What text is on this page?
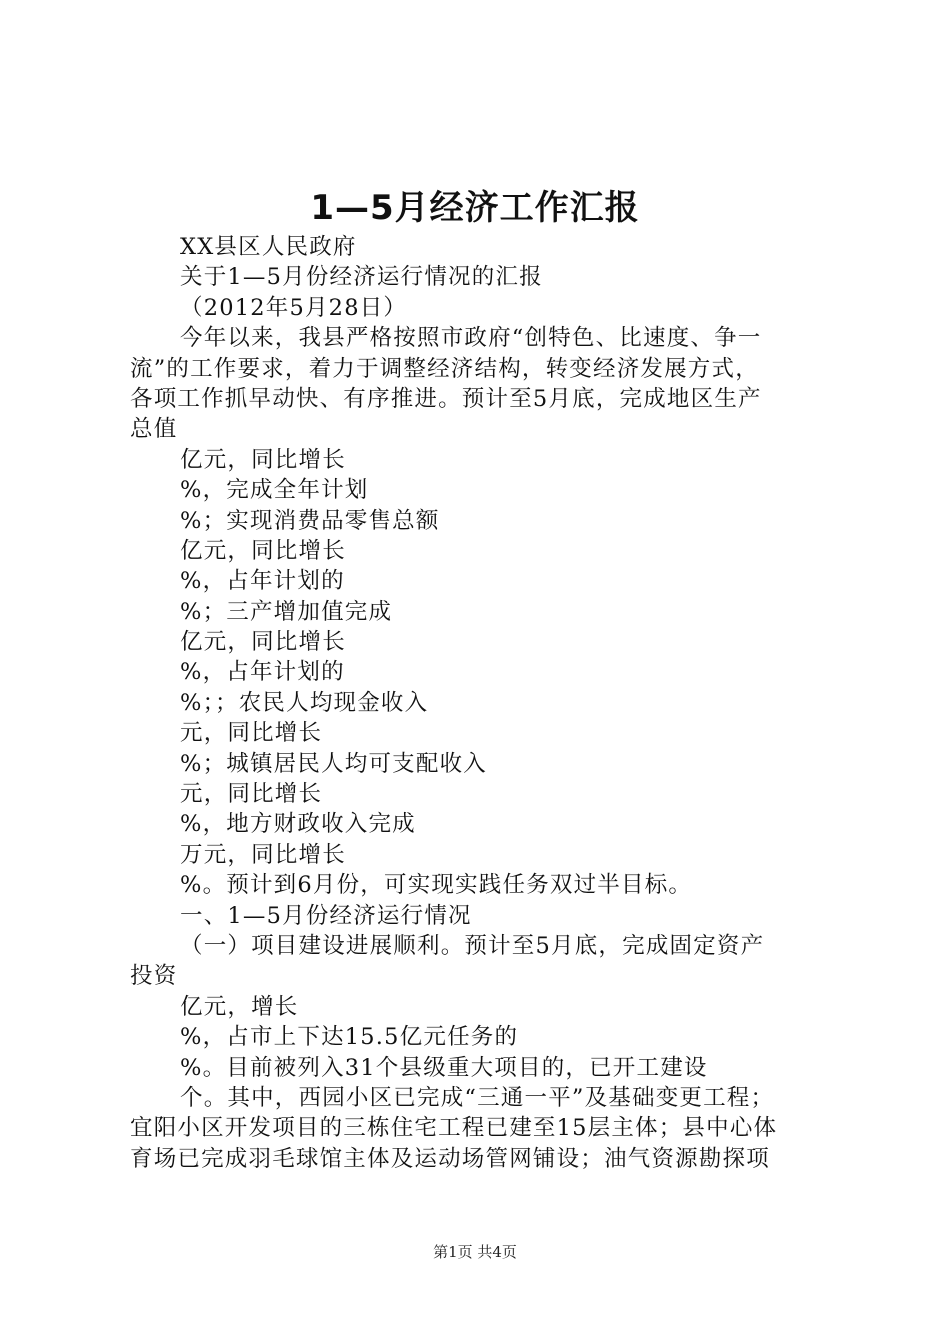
1—5月经济工作汇报
XX县区人民政府
关于1—5月份经济运行情况的汇报
（2012年5月28日）
今年以来，我县严格按照市政府“创特色、比速度、争一
流”的工作要求，着力于调整经济结构，转变经济发展方式，
各项工作抓早动快、有序推进。预计至5月底，完成地区生产
总值
亿元，同比增长
%，完成全年计划
%；实现消费品零售总额
亿元，同比增长
%，占年计划的
%；三产增加值完成
亿元，同比增长
%，占年计划的
%；；农民人均现金收入
元，同比增长
%；城镇居民人均可支配收入
元，同比增长
%，地方财政收入完成
万元，同比增长
%。预计到6月份，可实现实践任务双过半目标。
一、1—5月份经济运行情况
（一）项目建设进展顺利。预计至5月底，完成固定资产
投资
亿元，增长
%，占市上下达15.5亿元任务的
%。目前被列入31个县级重大项目的，已开工建设
个。其中，西园小区已完成“三通一平”及基础变更工程；
宜阳小区开发项目的三栋住宅工程已建至15层主体；县中心体
育场已完成羽毛球馆主体及运动场管网铺设；油气资源勘探项
第1页 共4页
